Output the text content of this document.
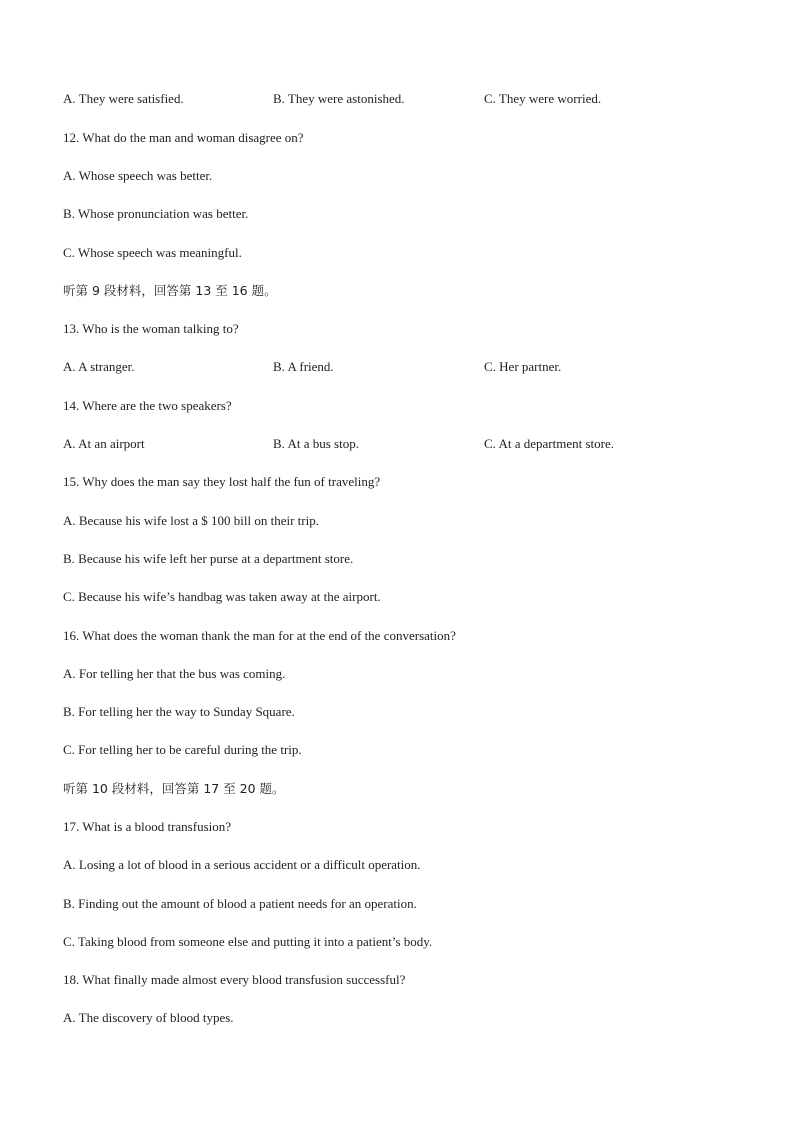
A. They were satisfied.	B. They were astonished.	C. They were worried.
12. What do the man and woman disagree on?
A. Whose speech was better.
B. Whose pronunciation was better.
C. Whose speech was meaningful.
听第 9 段材料，回答第 13 至 16 题。
13. Who is the woman talking to?
A. A stranger.	B. A friend.	C. Her partner.
14. Where are the two speakers?
A. At an airport	B. At a bus stop.	C. At a department store.
15. Why does the man say they lost half the fun of traveling?
A. Because his wife lost a $ 100 bill on their trip.
B. Because his wife left her purse at a department store.
C. Because his wife’s handbag was taken away at the airport.
16. What does the woman thank the man for at the end of the conversation?
A. For telling her that the bus was coming.
B. For telling her the way to Sunday Square.
C. For telling her to be careful during the trip.
听第 10 段材料，回答第 17 至 20 题。
17. What is a blood transfusion?
A. Losing a lot of blood in a serious accident or a difficult operation.
B. Finding out the amount of blood a patient needs for an operation.
C. Taking blood from someone else and putting it into a patient’s body.
18. What finally made almost every blood transfusion successful?
A. The discovery of blood types.
